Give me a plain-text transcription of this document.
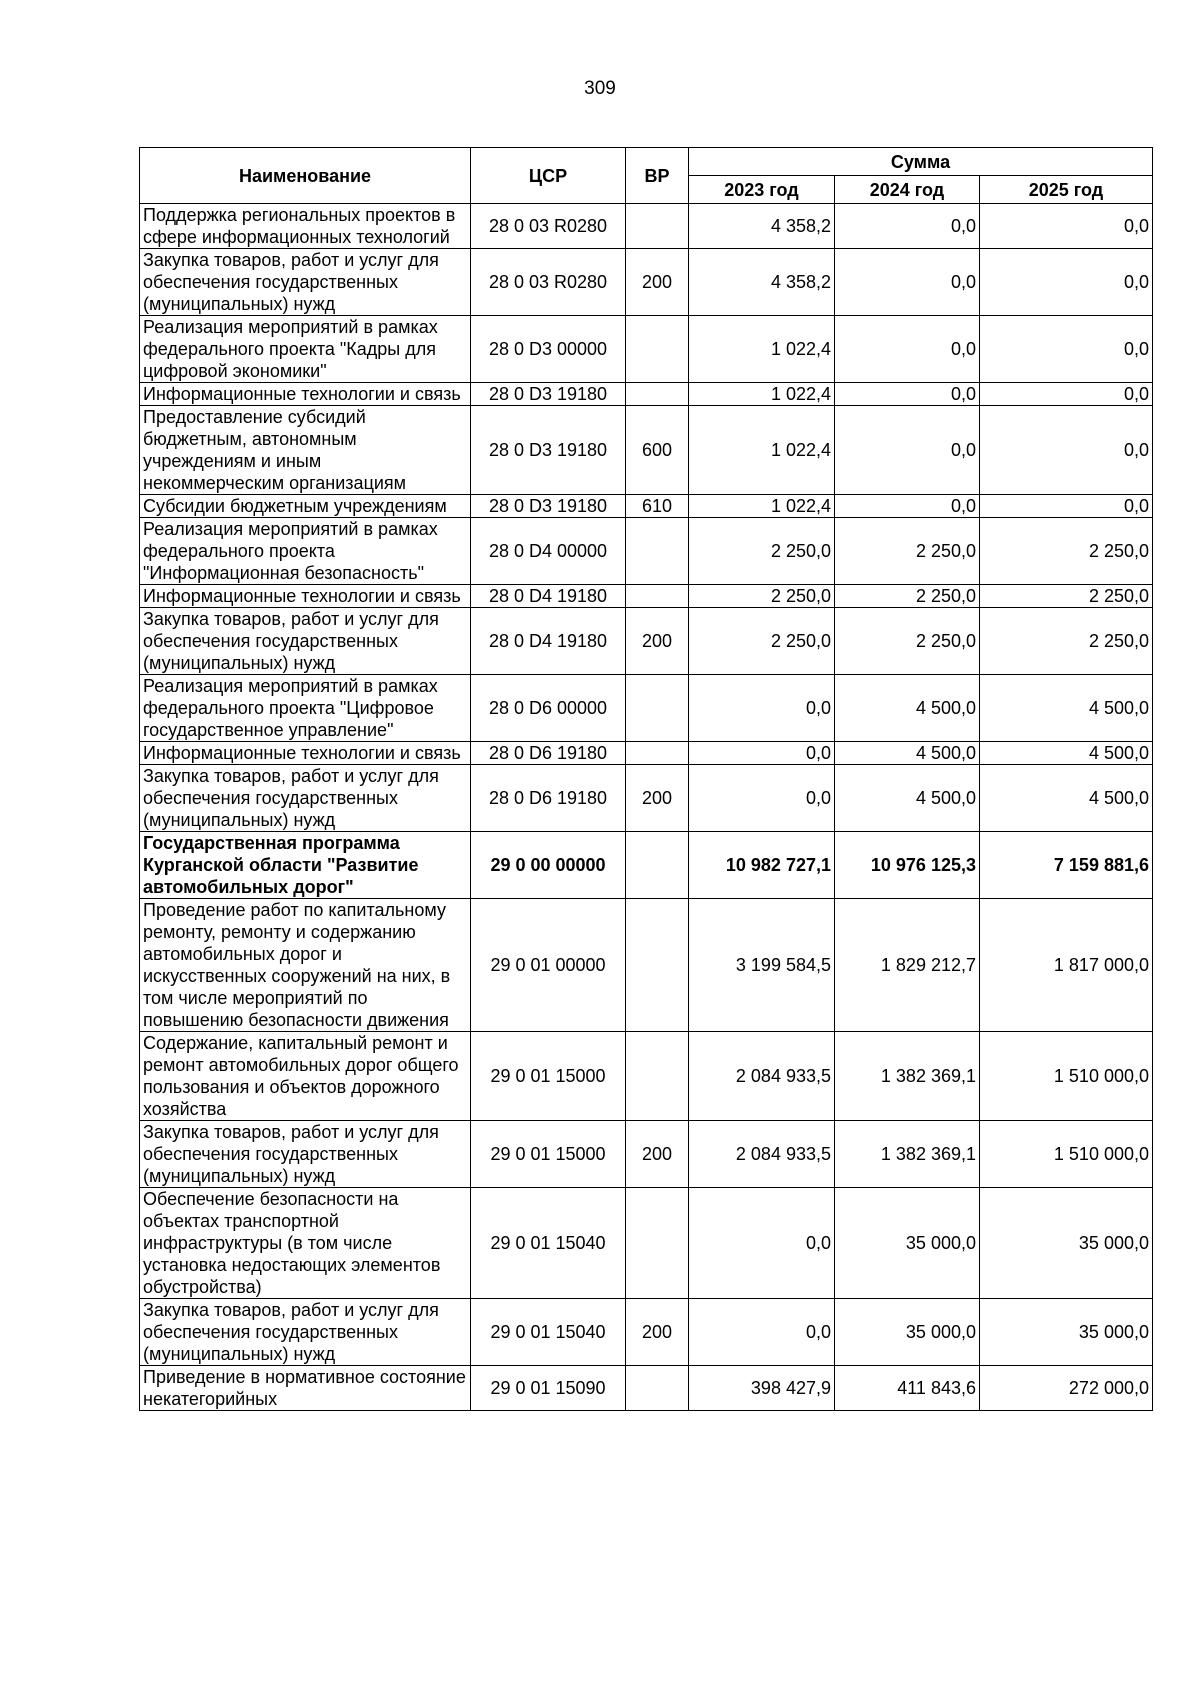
309
Наименование	ЦСР	ВР	Сумма		
			2023 год	2024 год	2025 год
Поддержка региональных проектов в сфере информационных технологий	28 0 03 R0280		4 358,2	0,0	0,0
Закупка товаров, работ и услуг для обеспечения государственных (муниципальных) нужд	28 0 03 R0280	200	4 358,2	0,0	0,0
Реализация мероприятий в рамках федерального проекта "Кадры для цифровой экономики"	28 0 D3 00000		1 022,4	0,0	0,0
Информационные технологии и связь	28 0 D3 19180		1 022,4	0,0	0,0
Предоставление субсидий бюджетным, автономным учреждениям и иным некоммерческим организациям	28 0 D3 19180	600	1 022,4	0,0	0,0
Субсидии бюджетным учреждениям	28 0 D3 19180	610	1 022,4	0,0	0,0
Реализация мероприятий в рамках федерального проекта "Информационная безопасность"	28 0 D4 00000		2 250,0	2 250,0	2 250,0
Информационные технологии и связь	28 0 D4 19180		2 250,0	2 250,0	2 250,0
Закупка товаров, работ и услуг для обеспечения государственных (муниципальных) нужд	28 0 D4 19180	200	2 250,0	2 250,0	2 250,0
Реализация мероприятий в рамках федерального проекта "Цифровое государственное управление"	28 0 D6 00000		0,0	4 500,0	4 500,0
Информационные технологии и связь	28 0 D6 19180		0,0	4 500,0	4 500,0
Закупка товаров, работ и услуг для обеспечения государственных (муниципальных) нужд	28 0 D6 19180	200	0,0	4 500,0	4 500,0
Государственная программа Курганской области "Развитие автомобильных дорог"	29 0 00 00000		10 982 727,1	10 976 125,3	7 159 881,6
Проведение работ по капитальному ремонту, ремонту и содержанию автомобильных дорог и искусственных сооружений на них, в том числе мероприятий по повышению безопасности движения	29 0 01 00000		3 199 584,5	1 829 212,7	1 817 000,0
Содержание, капитальный ремонт и ремонт автомобильных дорог общего пользования и объектов дорожного хозяйства	29 0 01 15000		2 084 933,5	1 382 369,1	1 510 000,0
Закупка товаров, работ и услуг для обеспечения государственных (муниципальных) нужд	29 0 01 15000	200	2 084 933,5	1 382 369,1	1 510 000,0
Обеспечение безопасности на объектах транспортной инфраструктуры (в том числе установка недостающих элементов обустройства)	29 0 01 15040		0,0	35 000,0	35 000,0
Закупка товаров, работ и услуг для обеспечения государственных (муниципальных) нужд	29 0 01 15040	200	0,0	35 000,0	35 000,0
Приведение в нормативное состояние некатегорийных	29 0 01 15090		398 427,9	411 843,6	272 000,0
